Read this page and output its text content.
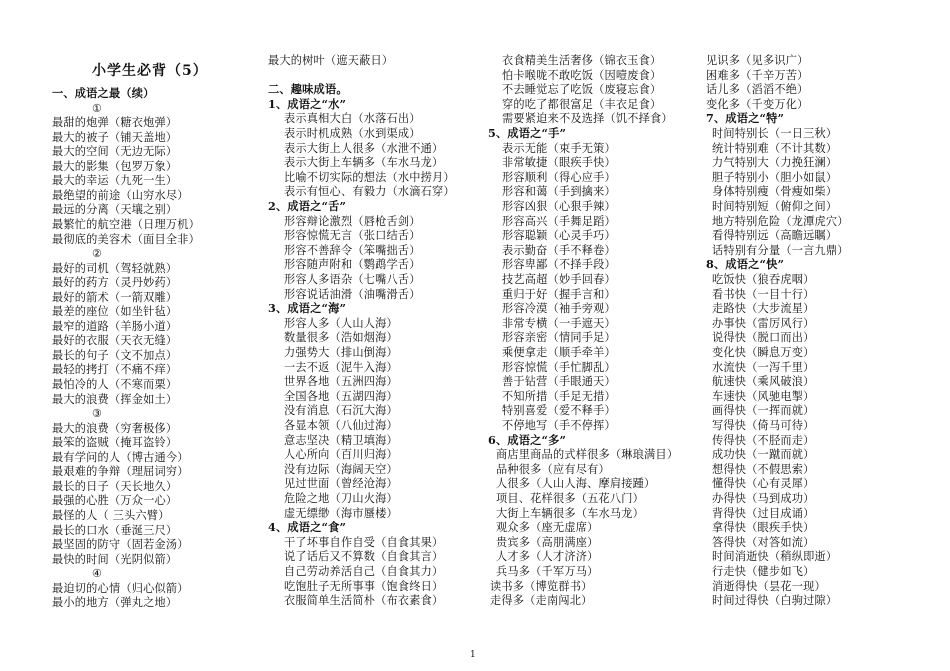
小学生必背（5）
一、成语之最（续）
①
最甜的炮弹（糖衣炮弹）
最大的被子（铺天盖地）
最大的空间（无边无际）
最大的影集（包罗万象）
最大的幸运（九死一生）
最绝望的前途（山穷水尽）
最远的分离（天壤之别）
最繁忙的航空港（日理万机）
最彻底的美容术（面目全非）
②
最好的司机（驾轻就熟）
最好的药方（灵丹妙药）
最好的箭术（一箭双雕）
最差的座位（如坐针毡）
最窄的道路（羊肠小道）
最好的衣服（天衣无缝）
最长的句子（文不加点）
最轻的拷打（不痛不痒）
最怕冷的人（不寒而栗）
最大的浪费（挥金如土）
③
最大的浪费（穷奢极侈）
最笨的盗贼（掩耳盗铃）
最有学问的人（博古通今）
最艰难的争辩（理屈词穷）
最长的日子（天长地久）
最强的心胜（万众一心）
最怪的人（ 三头六臂）
最长的口水（垂涎三尺）
最坚固的防守（固若金汤）
最快的时间（光阴似箭）
④
最迫切的心情（归心似箭）
最小的地方（弹丸之地）
最大的树叶（遮天蔽日）
二、趣味成语。
1、成语之“水”
表示真相大白（水落石出）
表示时机成熟（水到渠成）
表示大街上人很多（水泄不通）
表示大街上车辆多（车水马龙）
比喻不切实际的想法（水中捞月）
表示有恒心、有毅力（水滴石穿）
2、成语之“舌”
形容辩论激烈（唇枪舌剑）
形容惊慌无言（张口结舌）
形容不善辞令（笨嘴拙舌）
形容随声附和（鹦鹉学舌）
形容人多语杂（七嘴八舌）
形容说话油滑（油嘴滑舌）
3、成语之“海”
形容人多（人山人海）
数量很多（浩如烟海）
力强势大（排山倒海）
一去不返（泥牛入海）
世界各地（五洲四海）
全国各地（五湖四海）
没有消息（石沉大海）
各显本领（八仙过海）
意志坚决（精卫填海）
人心所向（百川归海）
没有边际（海阔天空）
见过世面（曾经沧海）
危险之地（刀山火海）
虚无缥缈（海市蜃楼）
4、成语之“食”
干了坏事自作自受（自食其果）
说了话后又不算数（自食其言）
自己劳动养活自己（自食其力）
吃饱肚子无所事事（饱食终日）
衣服简单生活简朴（布衣素食）
衣食精美生活奢侈（锦衣玉食）
怕卡喉咙不敢吃饭（因噎废食）
不去睡觉忘了吃饭（废寝忘食）
穿的吃了都很富足（丰衣足食）
需要紧迫来不及选择（饥不择食）
5、成语之“手”
表示无能（束手无策）
非常敏捷（眼疾手快）
形容顺利（得心应手）
形容和蔼（手到擒来）
形容凶狠（心狠手辣）
形容高兴（手舞足蹈）
形容聪颖（心灵手巧）
表示勤奋（手不释卷）
形容卑鄙（不择手段）
技艺高超（妙手回春）
重归于好（握手言和）
形容冷漠（袖手旁观）
非常专横（一手遮天）
形容亲密（情同手足）
乘便拿走（顺手牵羊）
形容惊慌（手忙脚乱）
善于钻营（手眼通天）
不知所措（手足无措）
特别喜爱（爱不释手）
不停地写（手不停挥）
6、成语之“多”
商店里商品的式样很多（琳琅满目）
品种很多（应有尽有）
人很多（人山人海、摩肩接踵）
项目、花样很多（五花八门）
大街上车辆很多（车水马龙）
观众多（座无虚席）
贵宾多（高朋满座）
人才多（人才济济）
兵马多（千军万马）
读书多（博览群书）
走得多（走南闯北）
见识多（见多识广）
困难多（千辛万苦）
话儿多（滔滔不绝）
变化多（千变万化）
7、成语之“特”
时间特别长（一日三秋）
统计特别难（不计其数）
力气特别大（力挽狂澜）
胆子特别小（胆小如鼠）
身体特别瘦（骨瘦如柴）
时间特别短（俯仰之间）
地方特别危险（龙潭虎穴）
看得特别远（高瞻远瞩）
话特别有分量（一言九鼎）
8、成语之“快”
吃饭快（狼吞虎咽）
看书快（一目十行）
走路快（大步流星）
办事快（雷厉风行）
说得快（脱口而出）
变化快（瞬息万变）
水流快（一泻千里）
航速快（乘风破浪）
车速快（风驰电掣）
画得快（一挥而就）
写得快（倚马可待）
传得快（不胫而走）
成功快（一蹴而就）
想得快（不假思索）
懂得快（心有灵犀）
办得快（马到成功）
背得快（过目成诵）
拿得快（眼疾手快）
答得快（对答如流）
时间消逝快（稍纵即逝）
行走快（健步如飞）
消逝得快（昙花一现）
时间过得快（白驹过隙）
1
